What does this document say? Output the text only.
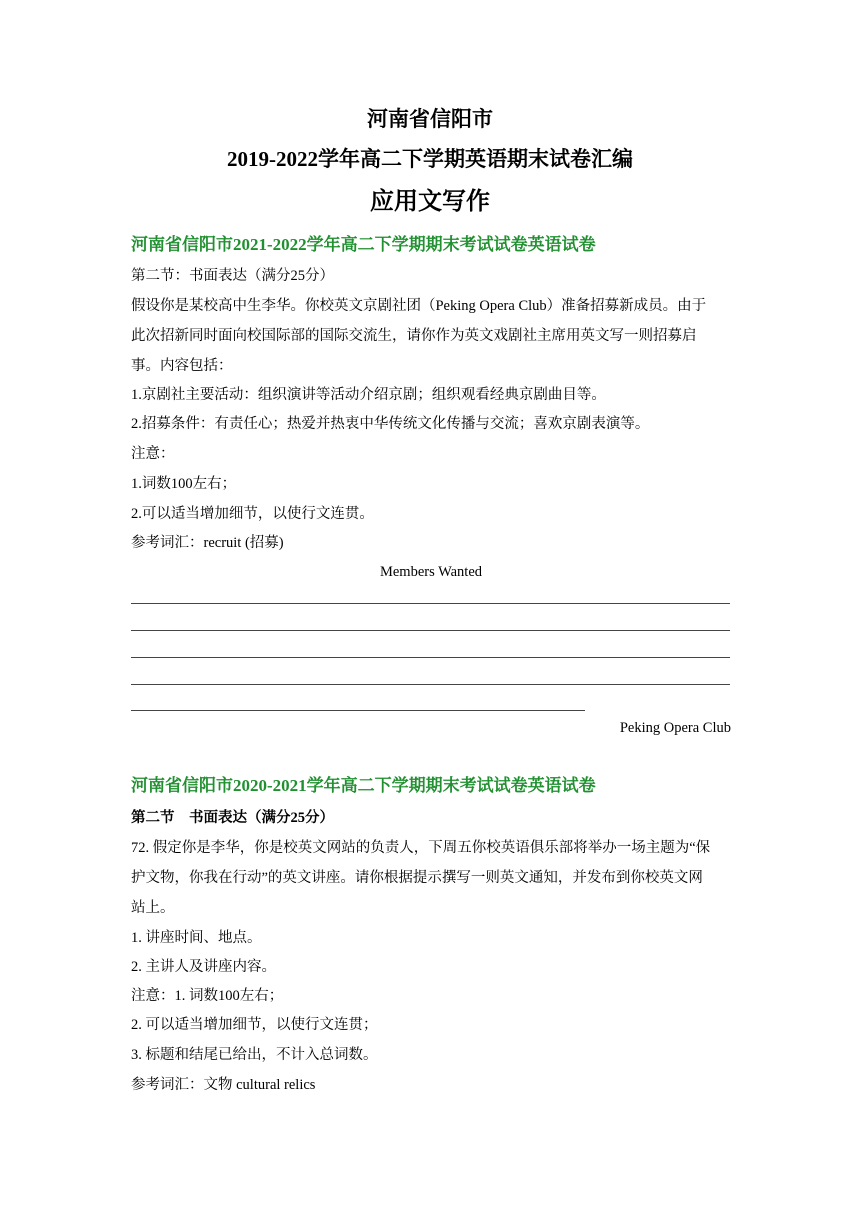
河南省信阳市
2019-2022学年高二下学期英语期末试卷汇编
应用文写作
河南省信阳市2021-2022学年高二下学期期末考试试卷英语试卷
第二节：书面表达（满分25分）
假设你是某校高中生李华。你校英文京剧社团（Peking Opera Club）准备招募新成员。由于
此次招新同时面向校国际部的国际交流生，请你作为英文戏剧社主席用英文写一则招募启
事。内容包括：
1.京剧社主要活动：组织演讲等活动介绍京剧；组织观看经典京剧曲目等。
2.招募条件：有责任心；热爱并热衷中华传统文化传播与交流；喜欢京剧表演等。
注意：
1.词数100左右；
2.可以适当增加细节，以使行文连贯。
参考词汇：recruit (招募)
Members Wanted
Peking Opera Club
河南省信阳市2020-2021学年高二下学期期末考试试卷英语试卷
第二节　书面表达（满分25分）
72. 假定你是李华，你是校英文网站的负责人，下周五你校英语俱乐部将举办一场主题为“保
护文物，你我在行动”的英文讲座。请你根据提示撰写一则英文通知，并发布到你校英文网
站上。
1. 讲座时间、地点。
2. 主讲人及讲座内容。
注意：1. 词数100左右；
2. 可以适当增加细节，以使行文连贯；
3. 标题和结尾已给出，不计入总词数。
参考词汇：文物 cultural relics
